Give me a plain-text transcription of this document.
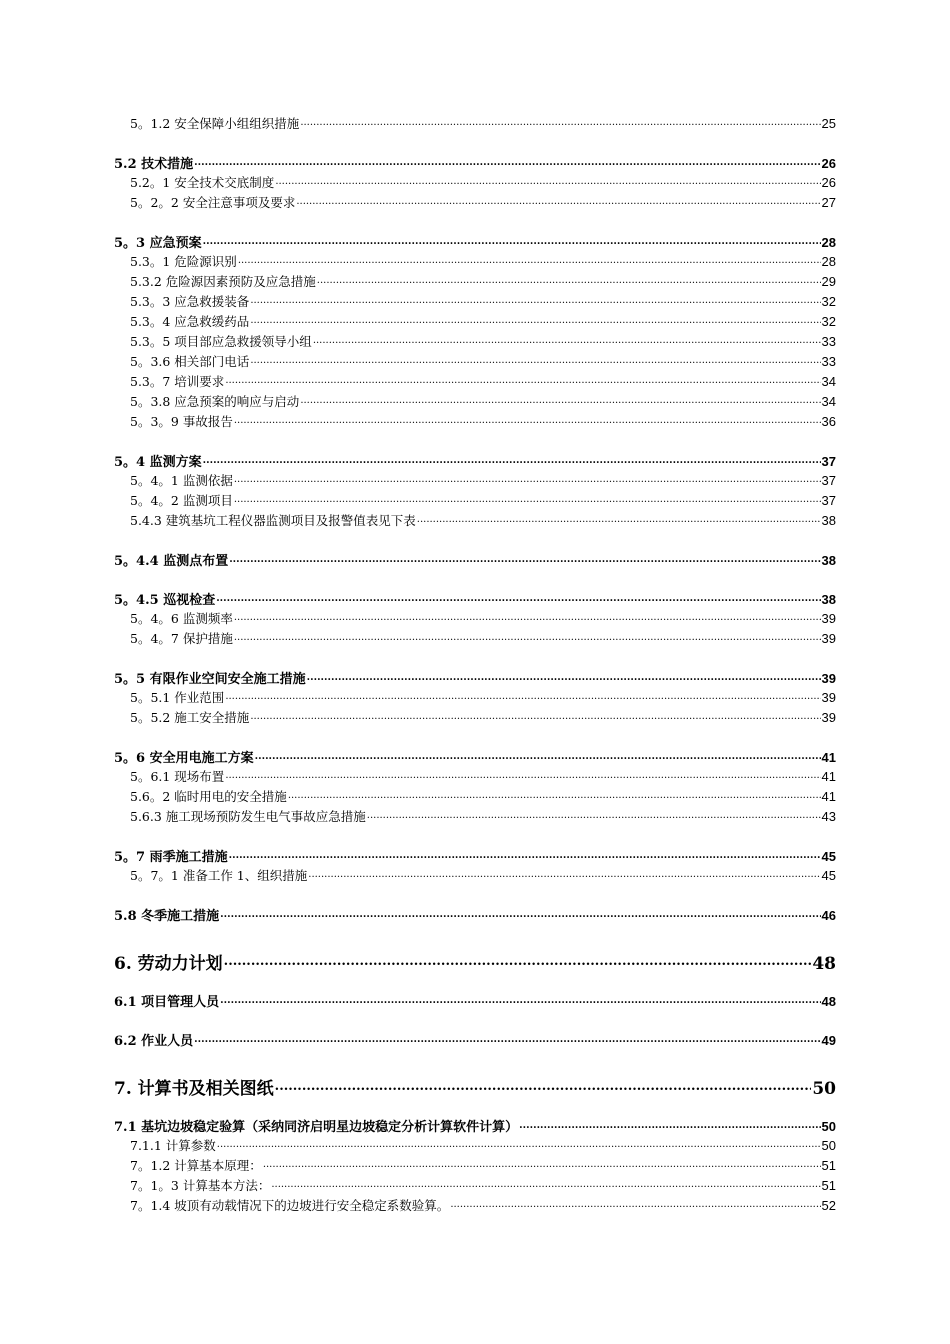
5。1.2 安全保障小组组织措施 .....	25
5.2 技术措施 .....	26
5.2。1 安全技术交底制度 .....	26
5。2。2 安全注意事项及要求 .....	27
5。3 应急预案 .....	28
5.3。1 危险源识别 .....	28
5.3.2 危险源因素预防及应急措施 .....	29
5.3。3 应急救援装备 .....	32
5.3。4 应急救缓药品 .....	32
5.3。5 项目部应急救援领导小组 .....	33
5。3.6 相关部门电话 .....	33
5.3。7 培训要求 .....	34
5。3.8 应急预案的响应与启动 .....	34
5。3。9 事故报告 .....	36
5。4 监测方案 .....	37
5。4。1 监测依据 .....	37
5。4。2 监测项目 .....	37
5.4.3 建筑基坑工程仪器监测项目及报警值表见下表 .....	38
5。4.4 监测点布置 .....	38
5。4.5 巡视检查 .....	38
5。4。6 监测频率 .....	39
5。4。7 保护措施 .....	39
5。5 有限作业空间安全施工措施 .....	39
5。5.1 作业范围 .....	39
5。5.2 施工安全措施 .....	39
5。6 安全用电施工方案 .....	41
5。6.1 现场布置 .....	41
5.6。2 临时用电的安全措施 .....	41
5.6.3 施工现场预防发生电气事故应急措施 .....	43
5。7 雨季施工措施 .....	45
5。7。1 准备工作 1、组织措施 .....	45
5.8 冬季施工措施 .....	46
6. 劳动力计划 .....	48
6.1 项目管理人员 .....	48
6.2 作业人员 .....	49
7. 计算书及相关图纸 .....	50
7.1 基坑边坡稳定验算（采纳同济启明星边坡稳定分析计算软件计算） .....	50
7.1.1 计算参数 .....	50
7。1.2 计算基本原理： .....	51
7。1。3 计算基本方法： .....	51
7。1.4 坡顶有动载情况下的边坡进行安全稳定系数验算。 .....	52
